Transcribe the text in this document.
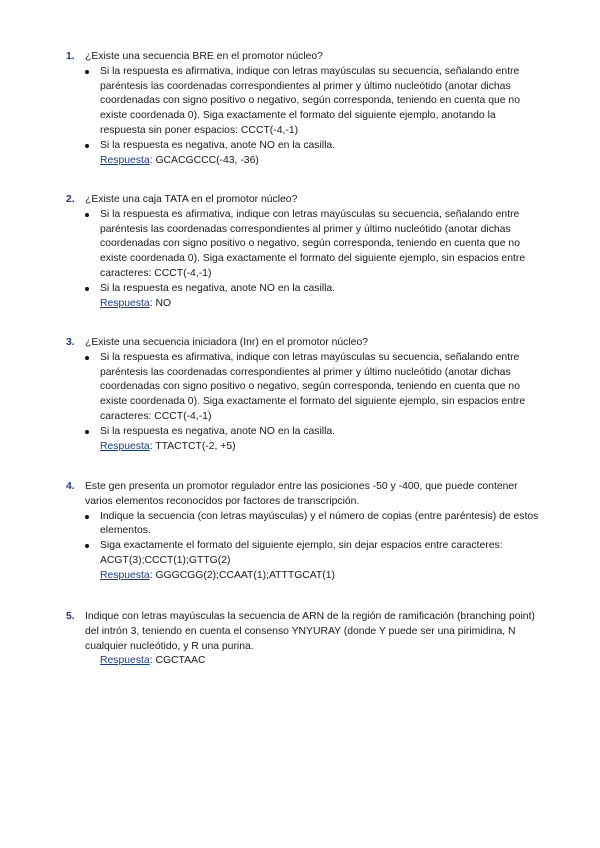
1. ¿Existe una secuencia BRE en el promotor núcleo?
Si la respuesta es afirmativa, indique con letras mayúsculas su secuencia, señalando entre paréntesis las coordenadas correspondientes al primer y último nucleótido (anotar dichas coordenadas con signo positivo o negativo, según corresponda, teniendo en cuenta que no existe coordenada 0). Siga exactamente el formato del siguiente ejemplo, anotando la respuesta sin poner espacios: CCCT(-4,-1)
Si la respuesta es negativa, anote NO en la casilla.
Respuesta: GCACGCCC(-43, -36)
2. ¿Existe una caja TATA en el promotor núcleo?
Si la respuesta es afirmativa, indique con letras mayúsculas su secuencia, señalando entre paréntesis las coordenadas correspondientes al primer y último nucleótido (anotar dichas coordenadas con signo positivo o negativo, según corresponda, teniendo en cuenta que no existe coordenada 0). Siga exactamente el formato del siguiente ejemplo, sin espacios entre caracteres: CCCT(-4,-1)
Si la respuesta es negativa, anote NO en la casilla.
Respuesta: NO
3. ¿Existe una secuencia iniciadora (Inr) en el promotor núcleo?
Si la respuesta es afirmativa, indique con letras mayúsculas su secuencia, señalando entre paréntesis las coordenadas correspondientes al primer y último nucleótido (anotar dichas coordenadas con signo positivo o negativo, según corresponda, teniendo en cuenta que no existe coordenada 0). Siga exactamente el formato del siguiente ejemplo, sin espacios entre caracteres: CCCT(-4,-1)
Si la respuesta es negativa, anote NO en la casilla.
Respuesta: TTACTCT(-2, +5)
4. Este gen presenta un promotor regulador entre las posiciones -50 y -400, que puede contener varios elementos reconocidos por factores de transcripción.
Indique la secuencia (con letras mayúsculas) y el número de copias (entre paréntesis) de estos elementos.
Siga exactamente el formato del siguiente ejemplo, sin dejar espacios entre caracteres: ACGT(3);CCCT(1);GTTG(2)
Respuesta: GGGCGG(2);CCAAT(1);ATTTGCAT(1)
5. Indique con letras mayúsculas la secuencia de ARN de la región de ramificación (branching point) del intrón 3, teniendo en cuenta el consenso YNYURAY (donde Y puede ser una pirimidina, N cualquier nucleótido, y R una purina.
Respuesta: CGCTAAC
